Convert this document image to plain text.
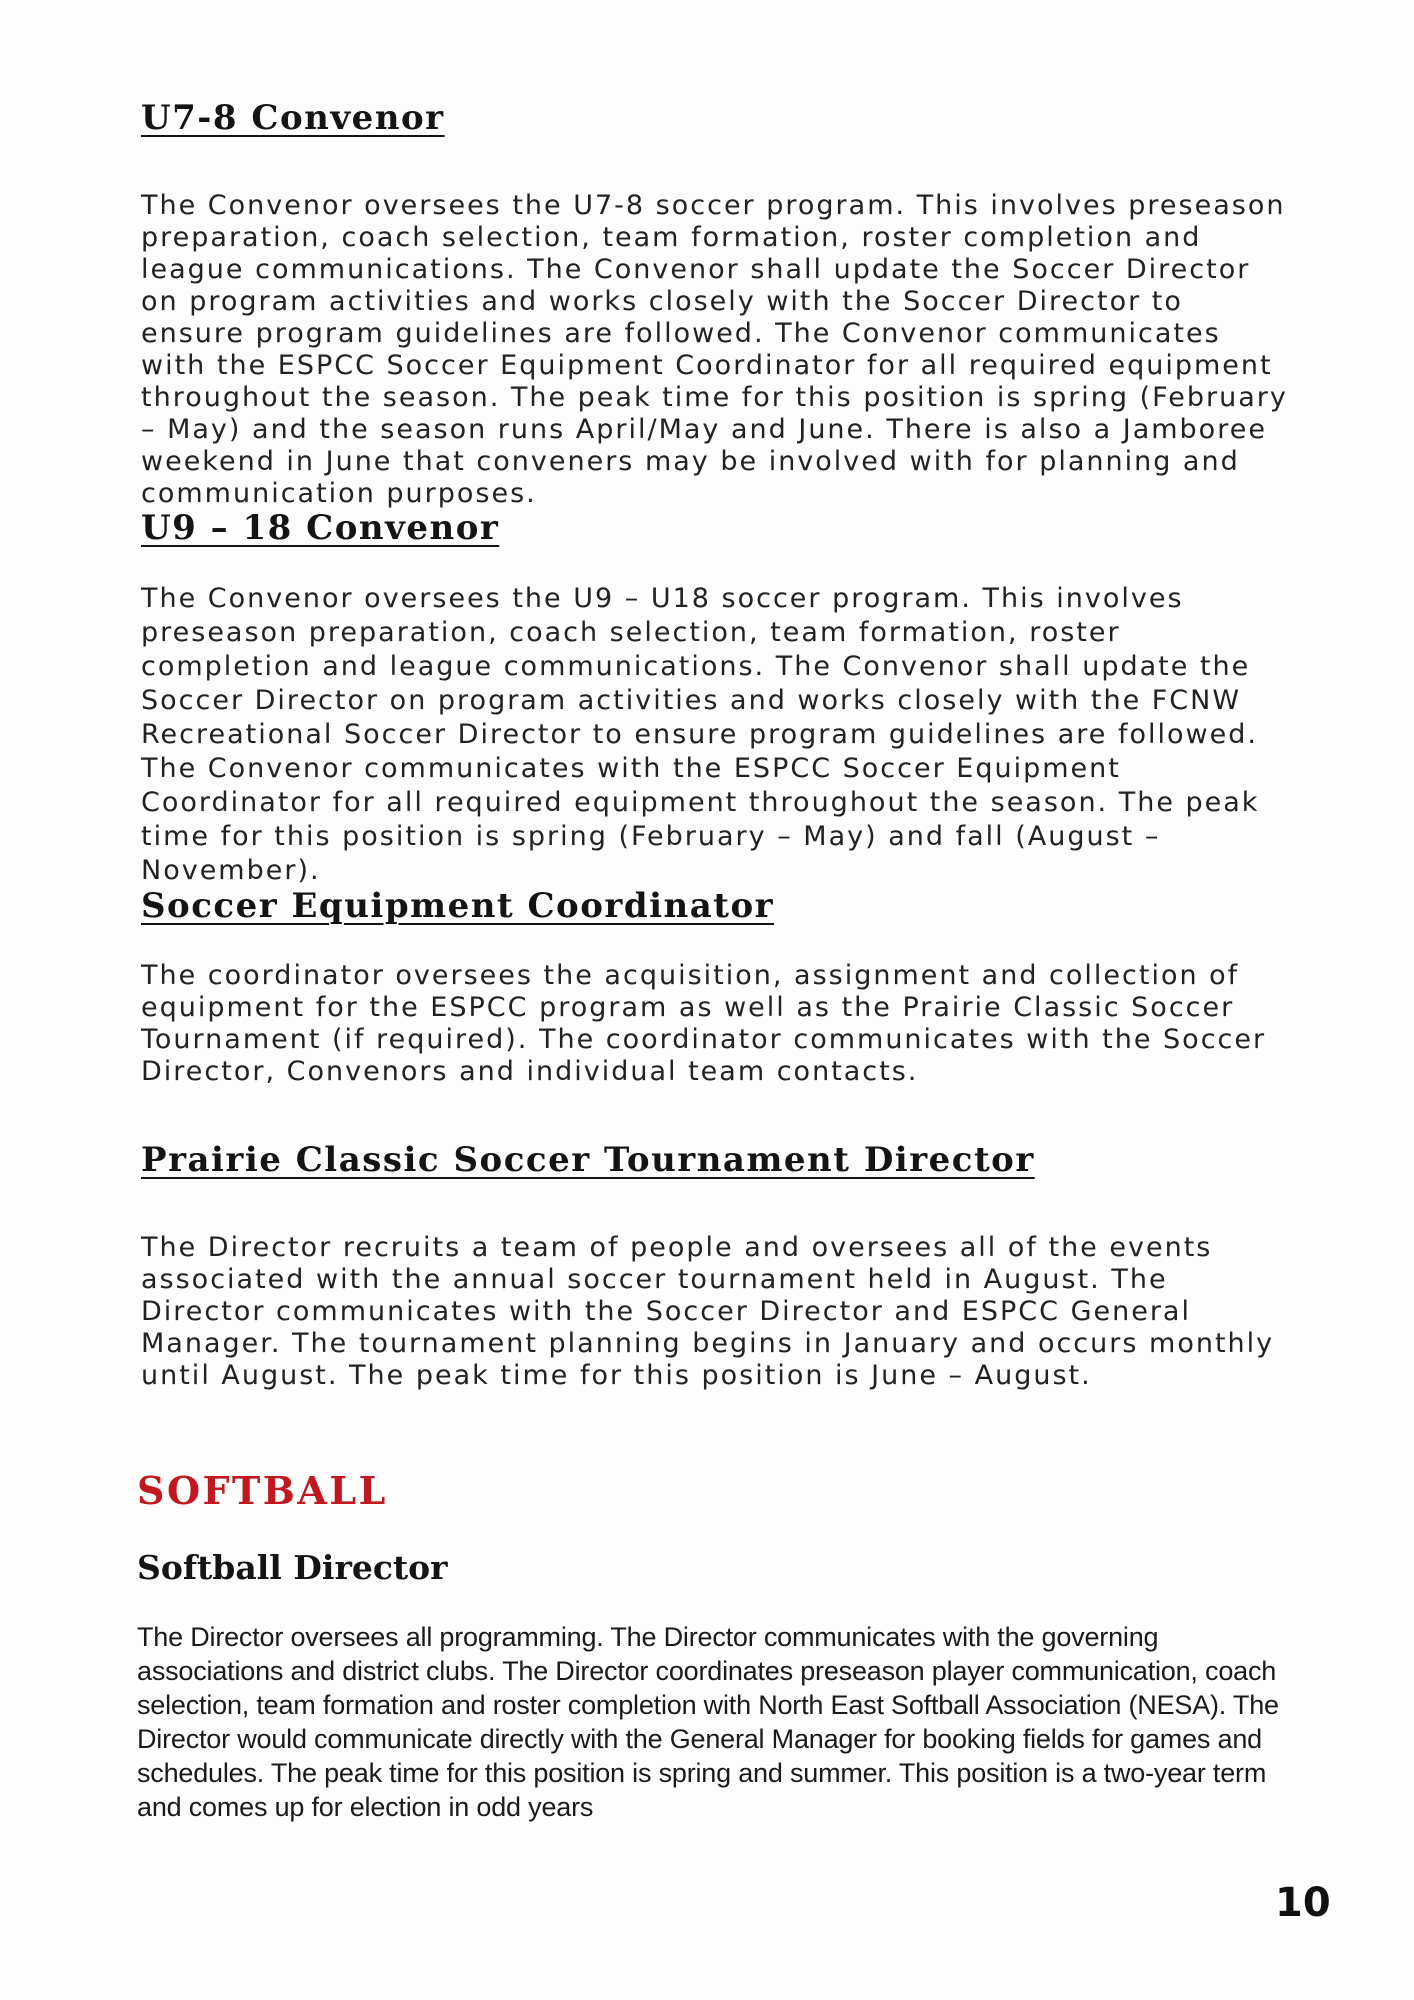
U7-8 Convenor

The Convenor oversees the U7-8 soccer program. This involves preseason preparation, coach selection, team formation, roster completion and league communications. The Convenor shall update the Soccer Director on program activities and works closely with the Soccer Director to ensure program guidelines are followed. The Convenor communicates with the ESPCC Soccer Equipment Coordinator for all required equipment throughout the season. The peak time for this position is spring (February – May) and the season runs April/May and June. There is also a Jamboree weekend in June that conveners may be involved with for planning and communication purposes.

U9 – 18 Convenor

The Convenor oversees the U9 – U18 soccer program. This involves preseason preparation, coach selection, team formation, roster completion and league communications. The Convenor shall update the Soccer Director on program activities and works closely with the FCNW Recreational Soccer Director to ensure program guidelines are followed. The Convenor communicates with the ESPCC Soccer Equipment Coordinator for all required equipment throughout the season. The peak time for this position is spring (February – May) and fall (August – November).

Soccer Equipment Coordinator

The coordinator oversees the acquisition, assignment and collection of equipment for the ESPCC program as well as the Prairie Classic Soccer Tournament (if required). The coordinator communicates with the Soccer Director, Convenors and individual team contacts.

Prairie Classic Soccer Tournament Director

The Director recruits a team of people and oversees all of the events associated with the annual soccer tournament held in August. The Director communicates with the Soccer Director and ESPCC General Manager. The tournament planning begins in January and occurs monthly until August. The peak time for this position is June – August.

SOFTBALL
Softball Director

The Director oversees all programming. The Director communicates with the governing associations and district clubs. The Director coordinates preseason player communication, coach selection, team formation and roster completion with North East Softball Association (NESA). The Director would communicate directly with the General Manager for booking fields for games and schedules. The peak time for this position is spring and summer. This position is a two-year term and comes up for election in odd years

10
